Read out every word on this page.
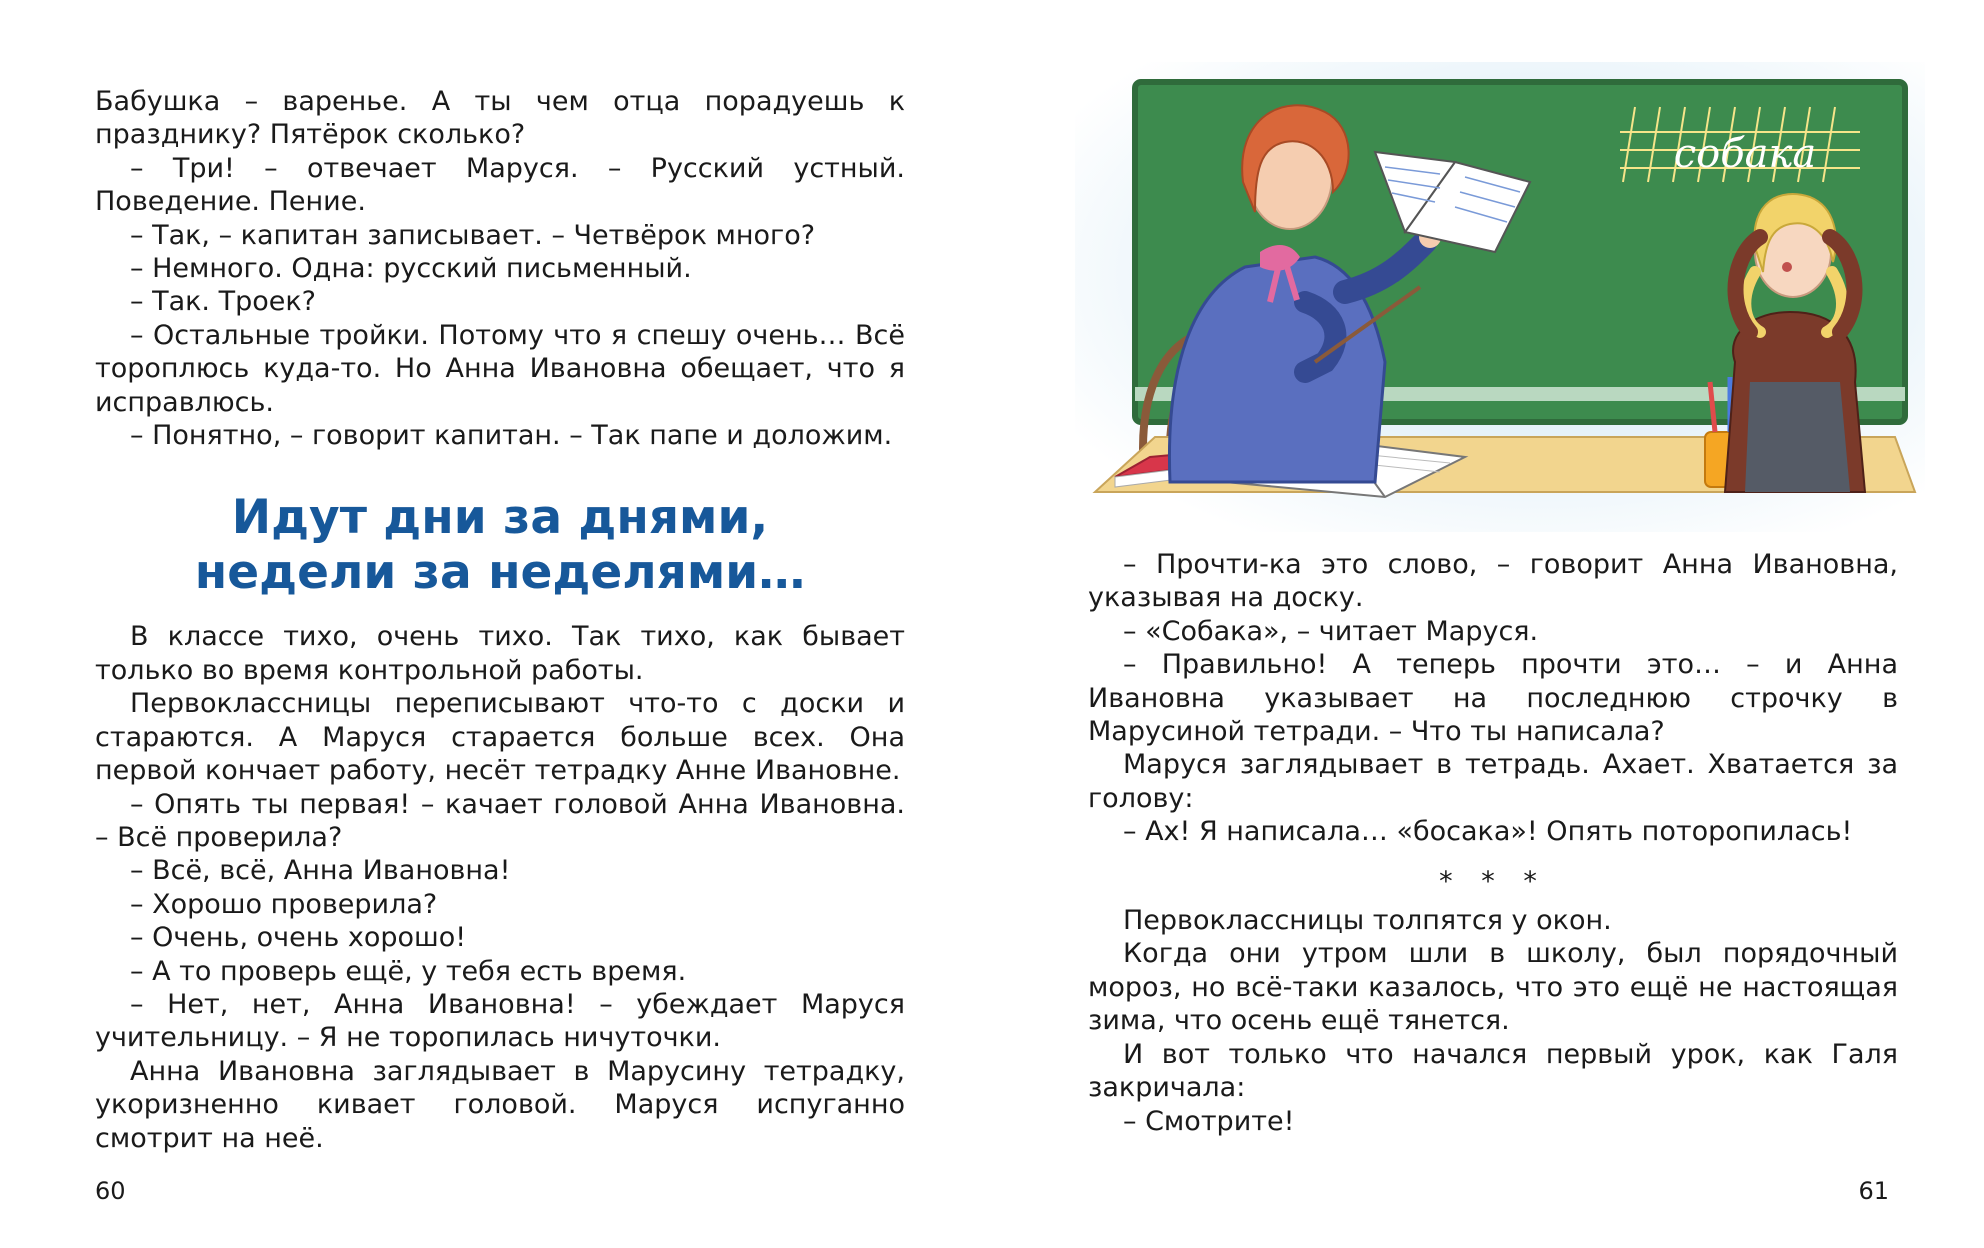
Бабушка – варенье. А ты чем отца порадуешь к празднику? Пятёрок сколько?

– Три! – отвечает Маруся. – Русский устный. Поведение. Пение.

– Так, – капитан записывает. – Четвёрок много?

– Немного. Одна: русский письменный.

– Так. Троек?

– Остальные тройки. Потому что я спешу очень… Всё тороплюсь куда-то. Но Анна Ивановна обещает, что я исправлюсь.

– Понятно, – говорит капитан. – Так папе и доложим.

Идут дни за днями,
недели за неделями…

В классе тихо, очень тихо. Так тихо, как бывает только во время контрольной работы.

Первоклассницы переписывают что-то с доски и стараются. А Маруся старается больше всех. Она первой кончает работу, несёт тетрадку Анне Ивановне.

– Опять ты первая! – качает головой Анна Ивановна. – Всё проверила?

– Всё, всё, Анна Ивановна!

– Хорошо проверила?

– Очень, очень хорошо!

– А то проверь ещё, у тебя есть время.

– Нет, нет, Анна Ивановна! – убеждает Маруся учительницу. – Я не торопилась ничуточки.

Анна Ивановна заглядывает в Марусину тетрадку, укоризненно кивает головой. Маруся испуганно смотрит на неё.

60
собака

– Прочти-ка это слово, – говорит Анна Ивановна, указывая на доску.

– «Собака», – читает Маруся.

– Правильно! А теперь прочти это… – и Анна Ивановна указывает на последнюю строчку в Марусиной тетради. – Что ты написала?

Маруся заглядывает в тетрадь. Ахает. Хватается за голову:

– Ах! Я написала… «босака»! Опять поторопилась!

* * *

Первоклассницы толпятся у окон.

Когда они утром шли в школу, был порядочный мороз, но всё-таки казалось, что это ещё не настоящая зима, что осень ещё тянется.

И вот только что начался первый урок, как Галя закричала:

– Смотрите!

61
